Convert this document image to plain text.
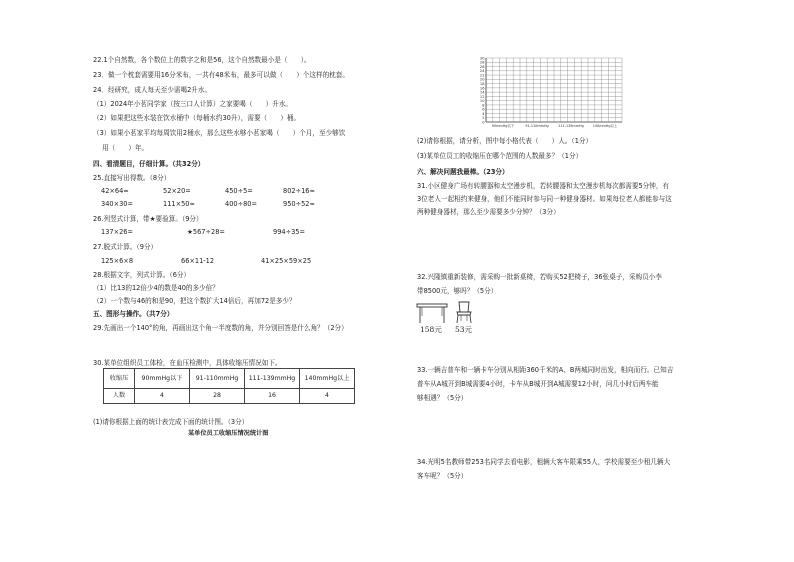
22.1个自然数，各个数位上的数字之和是56，这个自然数最小是（　　）。
23．做一个枕套需要用16分米布，一共有48米布，最多可以做（　　）个这样的枕套。
24．经研究，成人每天至少需喝2升水。
（1）2024年小茗同学家（按三口人计算）之家要喝（　　）升水。
（2）如果把这些水装在饮水桶中（每桶水约30升），需要（　　）桶。
（3）如果小茗家平均每周饮用2桶水，那么这些水够小茗家喝（　　）个月，至少够饮
用（　　）年。
四、看清题目，仔细计算。（共32分）
25.直接写出得数。（8分）
42×64≈	52×20=	450÷5=	802÷16≈
340×30=	111×50≈	400÷80=	950÷52≈
26.列竖式计算，带★要验算。（9分）
137×26=	★567÷28=	994÷35=
27.脱式计算。（9分）
125×6×8	66×11-12	41×25×59×25
28.根据文字，列式计算。（6分）
（1）比13的12倍少4的数是40的多少倍？
（2）一个数与46的和是90，把这个数扩大14倍后，再加72是多少？
五、图形与操作。（共7分）
29.先画出一个140°的角，再画出这个角一半度数的角，并分别回答是什么角？（2分）
30.某单位组织员工体检，在血压检测中，具体收缩压情况如下。
收缩压	90mmHg以下	91-110mmHg	111-139mmHg	140mmHg以上
人数	4	28	16	4
(1)请你根据上面的统计表完成下面的统计图。（3分）
某单位员工收缩压情况统计图
0
2
4
6
8
10
12
14
16
18
20
22
24
26
28
30
90mmHg以下	91-110mmHg	111-139mmHg	140mmHg以上
(2)请你根据，请分析，图中每小格代表（　　）人。（1分）
(3)某单位员工的收缩压在哪个范围的人数最多？（1分）
六、解决问题我最棒。（23分）
31.小区健身广场有转腰器和太空漫步机，若转腰器和太空漫步机每次都需要5分钟，有
3位老人一起相约来健身，他们不能同时参与同一种健身器材。如果每位老人都能参与这
两种健身器材，那么至少需要多少分钟？（3分）
32.兴隆镇重新装修，需采购一批新桌椅，若购买52把椅子，36张桌子，采购员小李
带8500元，够吗？（5分）
158元 53元
33.一辆吉普车和一辆卡车分别从相距360千米的A、B两城同时出发，相向而行。已知吉
普车从A城开到B城需要4小时，卡车从B城开到A城需要12小时，问几小时后两车能
够相遇？（5分）
34.光明5名教师带253名同学去看电影，租辆大客车限乘55人，学校需要至少租几辆大
客车呢？（5分）
